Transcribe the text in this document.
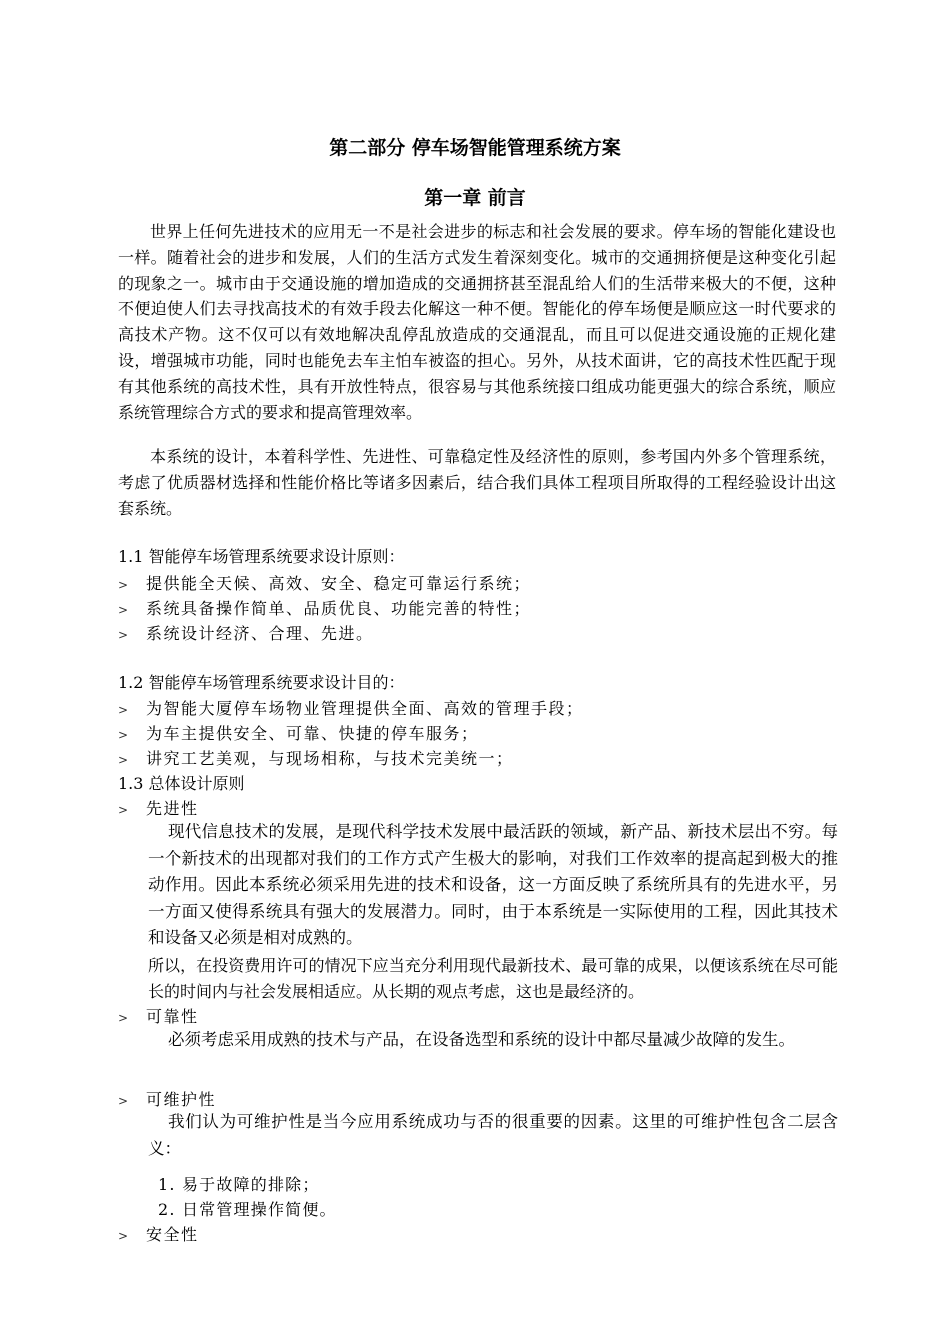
第二部分 停车场智能管理系统方案
第一章 前言

世界上任何先进技术的应用无一不是社会进步的标志和社会发展的要求。停车场的智能化建设也一样。随着社会的进步和发展，人们的生活方式发生着深刻变化。城市的交通拥挤便是这种变化引起的现象之一。城市由于交通设施的增加造成的交通拥挤甚至混乱给人们的生活带来极大的不便，这种不便迫使人们去寻找高技术的有效手段去化解这一种不便。智能化的停车场便是顺应这一时代要求的高技术产物。这不仅可以有效地解决乱停乱放造成的交通混乱，而且可以促进交通设施的正规化建设，增强城市功能，同时也能免去车主怕车被盗的担心。另外，从技术面讲，它的高技术性匹配于现有其他系统的高技术性，具有开放性特点，很容易与其他系统接口组成功能更强大的综合系统，顺应系统管理综合方式的要求和提高管理效率。

本系统的设计，本着科学性、先进性、可靠稳定性及经济性的原则，参考国内外多个管理系统，考虑了优质器材选择和性能价格比等诸多因素后，结合我们具体工程项目所取得的工程经验设计出这套系统。

1.1 智能停车场管理系统要求设计原则：
> 提供能全天候、高效、安全、稳定可靠运行系统；
> 系统具备操作简单、品质优良、功能完善的特性；
> 系统设计经济、合理、先进。
1.2 智能停车场管理系统要求设计目的：
> 为智能大厦停车场物业管理提供全面、高效的管理手段；
> 为车主提供安全、可靠、快捷的停车服务；
> 讲究工艺美观，与现场相称，与技术完美统一；
1.3 总体设计原则
> 先进性

现代信息技术的发展，是现代科学技术发展中最活跃的领域，新产品、新技术层出不穷。每一个新技术的出现都对我们的工作方式产生极大的影响，对我们工作效率的提高起到极大的推动作用。因此本系统必须采用先进的技术和设备，这一方面反映了系统所具有的先进水平，另一方面又使得系统具有强大的发展潜力。同时，由于本系统是一实际使用的工程，因此其技术和设备又必须是相对成熟的。

所以，在投资费用许可的情况下应当充分利用现代最新技术、最可靠的成果，以便该系统在尽可能长的时间内与社会发展相适应。从长期的观点考虑，这也是最经济的。

> 可靠性

必须考虑采用成熟的技术与产品，在设备选型和系统的设计中都尽量减少故障的发生。

> 可维护性

我们认为可维护性是当今应用系统成功与否的很重要的因素。这里的可维护性包含二层含义：

1. 易于故障的排除；
2. 日常管理操作简便。
> 安全性
